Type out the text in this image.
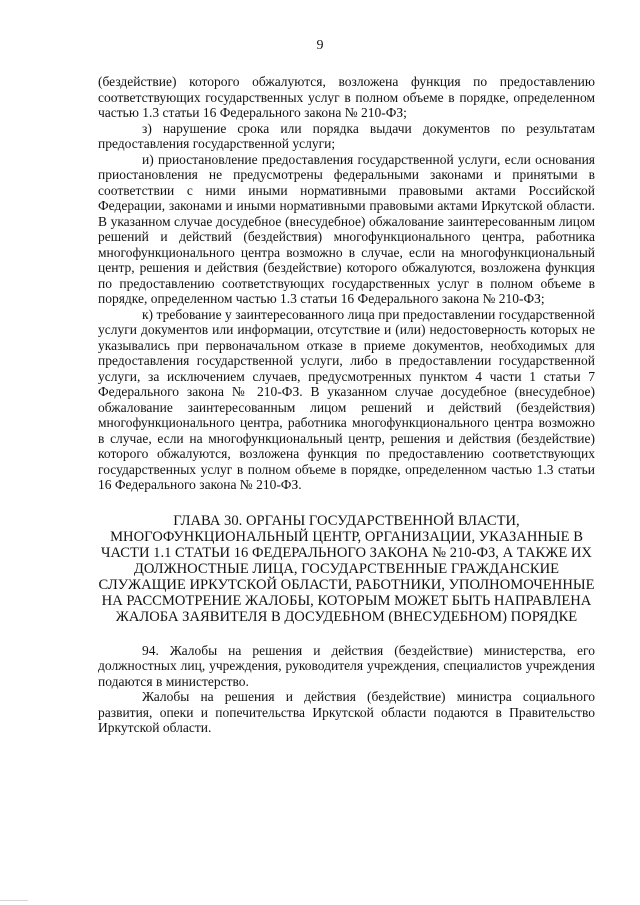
9

(бездействие) которого обжалуются, возложена функция по предоставлению соответствующих государственных услуг в полном объеме в порядке, определенном частью 1.3 статьи 16 Федерального закона № 210-ФЗ;

з) нарушение срока или порядка выдачи документов по результатам предоставления государственной услуги;

и) приостановление предоставления государственной услуги, если основания приостановления не предусмотрены федеральными законами и принятыми в соответствии с ними иными нормативными правовыми актами Российской Федерации, законами и иными нормативными правовыми актами Иркутской области. В указанном случае досудебное (внесудебное) обжалование заинтересованным лицом решений и действий (бездействия) многофункционального центра, работника многофункционального центра возможно в случае, если на многофункциональный центр, решения и действия (бездействие) которого обжалуются, возложена функция по предоставлению соответствующих государственных услуг в полном объеме в порядке, определенном частью 1.3 статьи 16 Федерального закона № 210-ФЗ;

к) требование у заинтересованного лица при предоставлении государственной услуги документов или информации, отсутствие и (или) недостоверность которых не указывались при первоначальном отказе в приеме документов, необходимых для предоставления государственной услуги, либо в предоставлении государственной услуги, за исключением случаев, предусмотренных пунктом 4 части 1 статьи 7 Федерального закона № 210-ФЗ. В указанном случае досудебное (внесудебное) обжалование заинтересованным лицом решений и действий (бездействия) многофункционального центра, работника многофункционального центра возможно в случае, если на многофункциональный центр, решения и действия (бездействие) которого обжалуются, возложена функция по предоставлению соответствующих государственных услуг в полном объеме в порядке, определенном частью 1.3 статьи 16 Федерального закона № 210-ФЗ.

ГЛАВА 30. ОРГАНЫ ГОСУДАРСТВЕННОЙ ВЛАСТИ, МНОГОФУНКЦИОНАЛЬНЫЙ ЦЕНТР, ОРГАНИЗАЦИИ, УКАЗАННЫЕ В ЧАСТИ 1.1 СТАТЬИ 16 ФЕДЕРАЛЬНОГО ЗАКОНА № 210-ФЗ, А ТАКЖЕ ИХ ДОЛЖНОСТНЫЕ ЛИЦА, ГОСУДАРСТВЕННЫЕ ГРАЖДАНСКИЕ СЛУЖАЩИЕ ИРКУТСКОЙ ОБЛАСТИ, РАБОТНИКИ, УПОЛНОМОЧЕННЫЕ НА РАССМОТРЕНИЕ ЖАЛОБЫ, КОТОРЫМ МОЖЕТ БЫТЬ НАПРАВЛЕНА ЖАЛОБА ЗАЯВИТЕЛЯ В ДОСУДЕБНОМ (ВНЕСУДЕБНОМ) ПОРЯДКЕ

94. Жалобы на решения и действия (бездействие) министерства, его должностных лиц, учреждения, руководителя учреждения, специалистов учреждения подаются в министерство.

Жалобы на решения и действия (бездействие) министра социального развития, опеки и попечительства Иркутской области подаются в Правительство Иркутской области.

──────────────
